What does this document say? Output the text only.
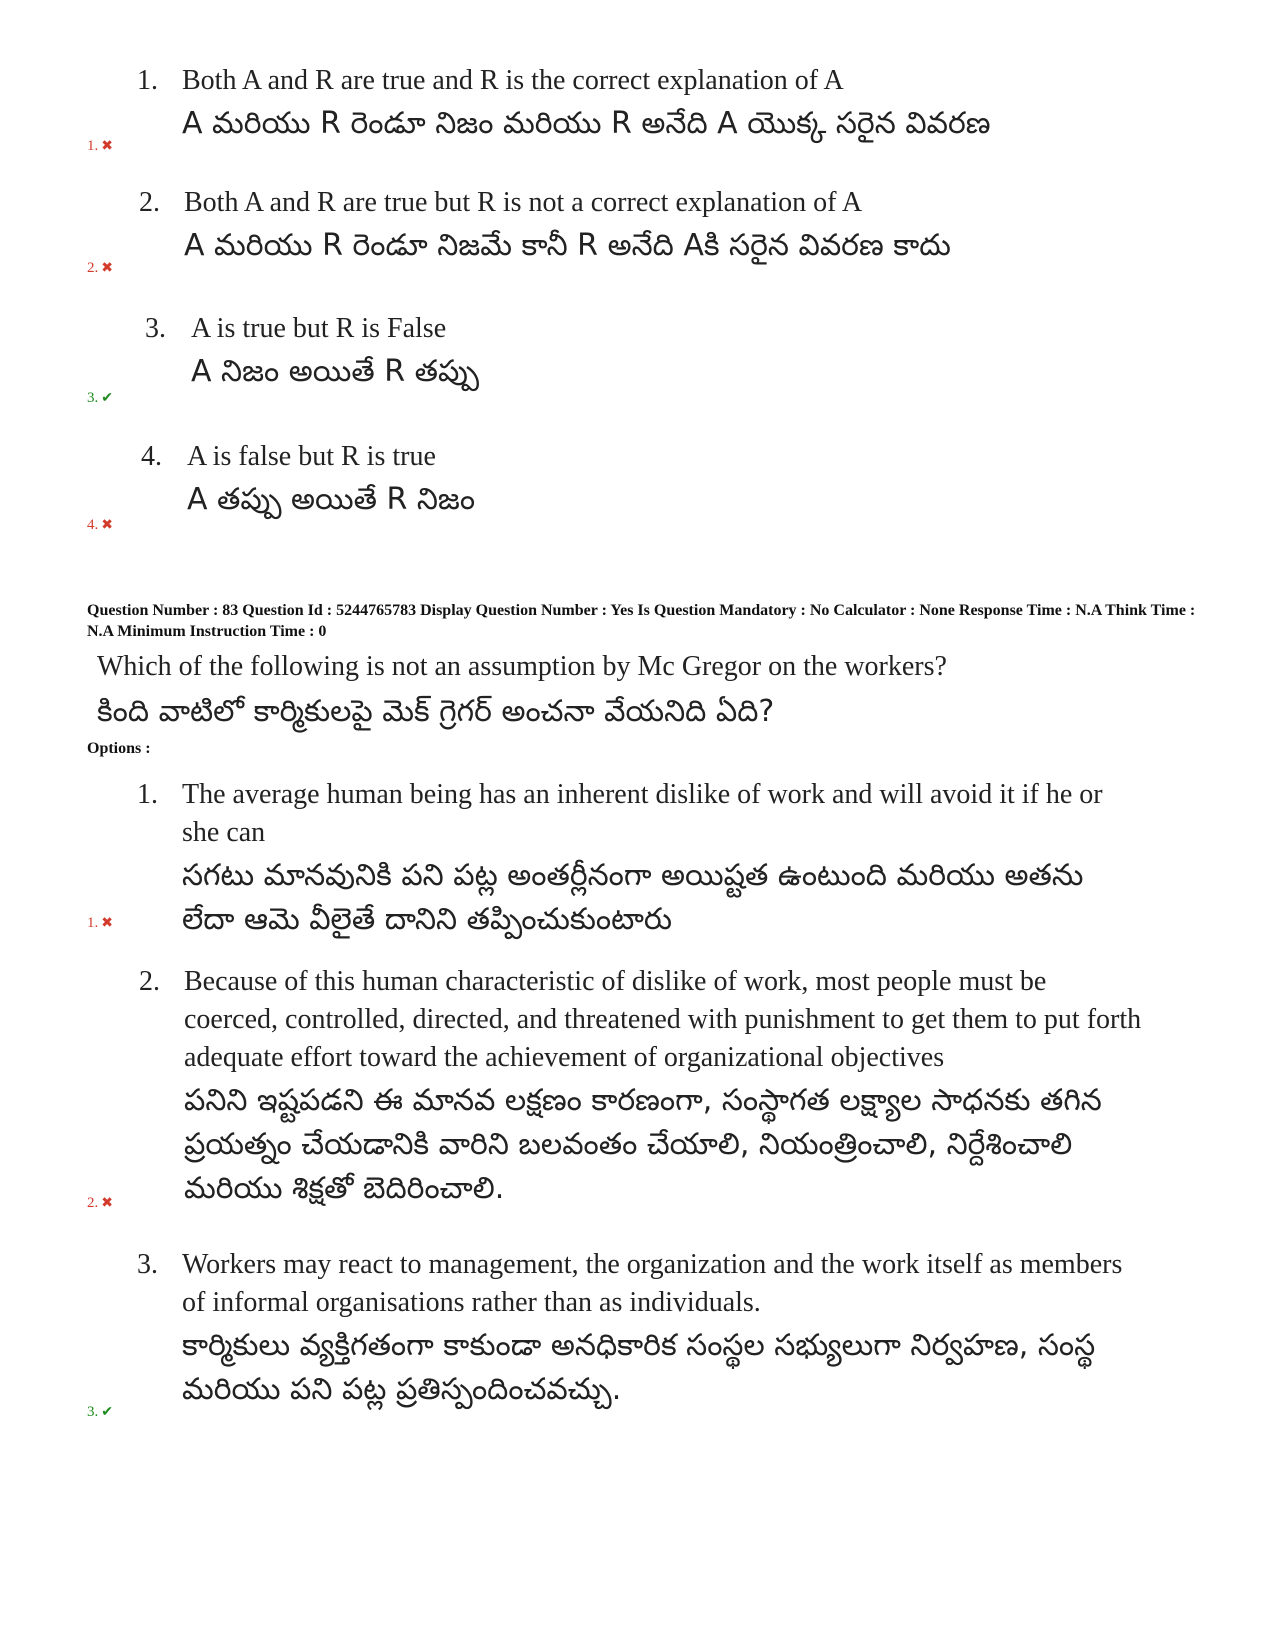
1. Both A and R are true and R is the correct explanation of A
A మరియు R రెండూ నిజం మరియు R అనేది A యొక్క సరైన వివరణ
1. ✖
2. Both A and R are true but R is not a correct explanation of A
A మరియు R రెండూ నిజమే కానీ R అనేది Aకి సరైన వివరణ కాదు
2. ✖
3. A is true but R is False
A నిజం అయితే R తప్పు
3. ✔
4. A is false but R is true
A తప్పు అయితే R నిజం
4. ✖
Question Number : 83 Question Id : 5244765783 Display Question Number : Yes Is Question Mandatory : No Calculator : None Response Time : N.A Think Time : N.A Minimum Instruction Time : 0
Which of the following is not an assumption by Mc Gregor on the workers?
కింది వాటిలో కార్మికులపై మెక్ గ్రెగర్ అంచనా వేయనిది ఏది?
Options :
1. The average human being has an inherent dislike of work and will avoid it if he or she can
సగటు మానవునికి పని పట్ల అంతర్లీనంగా అయిష్టత ఉంటుంది మరియు అతను లేదా ఆమె వీలైతే దానిని తప్పించుకుంటారు
1. ✖
2. Because of this human characteristic of dislike of work, most people must be coerced, controlled, directed, and threatened with punishment to get them to put forth adequate effort toward the achievement of organizational objectives
పనిని ఇష్టపడని ఈ మానవ లక్షణం కారణంగా, సంస్థాగత లక్ష్యాల సాధనకు తగిన ప్రయత్నం చేయడానికి వారిని బలవంతం చేయాలి, నియంత్రించాలి, నిర్దేశించాలి మరియు శిక్షతో బెదిరించాలి.
2. ✖
3. Workers may react to management, the organization and the work itself as members of informal organisations rather than as individuals.
కార్మికులు వ్యక్తిగతంగా కాకుండా అనధికారిక సంస్థల సభ్యులుగా నిర్వహణ, సంస్థ మరియు పని పట్ల ప్రతిస్పందించవచ్చు.
3. ✔
